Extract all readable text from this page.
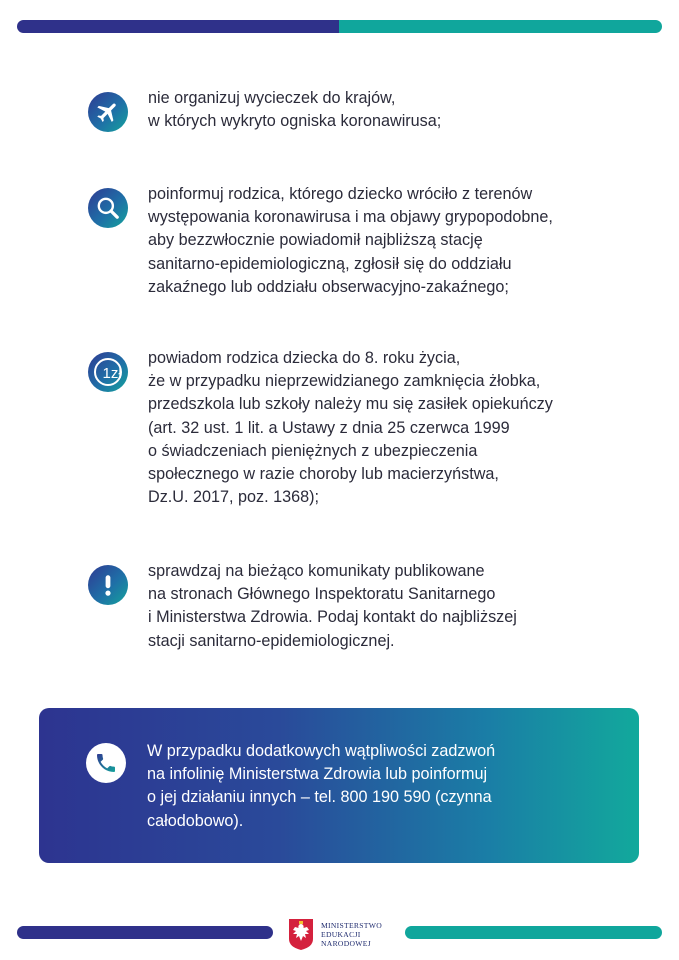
nie organizuj wycieczek do krajów,
w których wykryto ogniska koronawirusa;
poinformuj rodzica, którego dziecko wróciło z terenów
występowania koronawirusa i ma objawy grypopodobne,
aby bezzwłocznie powiadomił najbliższą stację
sanitarno-epidemiologiczną, zgłosił się do oddziału
zakaźnego lub oddziału obserwacyjno-zakaźnego;
1zł
powiadom rodzica dziecka do 8. roku życia,
że w przypadku nieprzewidzianego zamknięcia żłobka,
przedszkola lub szkoły należy mu się zasiłek opiekuńczy
(art. 32 ust. 1 lit. a Ustawy z dnia 25 czerwca 1999
o świadczeniach pieniężnych z ubezpieczenia
społecznego w razie choroby lub macierzyństwa,
Dz.U. 2017, poz. 1368);
sprawdzaj na bieżąco komunikaty publikowane
na stronach Głównego Inspektoratu Sanitarnego
i Ministerstwa Zdrowia. Podaj kontakt do najbliższej
stacji sanitarno-epidemiologicznej.
W przypadku dodatkowych wątpliwości zadzwoń
na infolinię Ministerstwa Zdrowia lub poinformuj
o jej działaniu innych – tel. 800 190 590 (czynna
całodobowo).
MINISTERSTWO
EDUKACJI
NARODOWEJ
